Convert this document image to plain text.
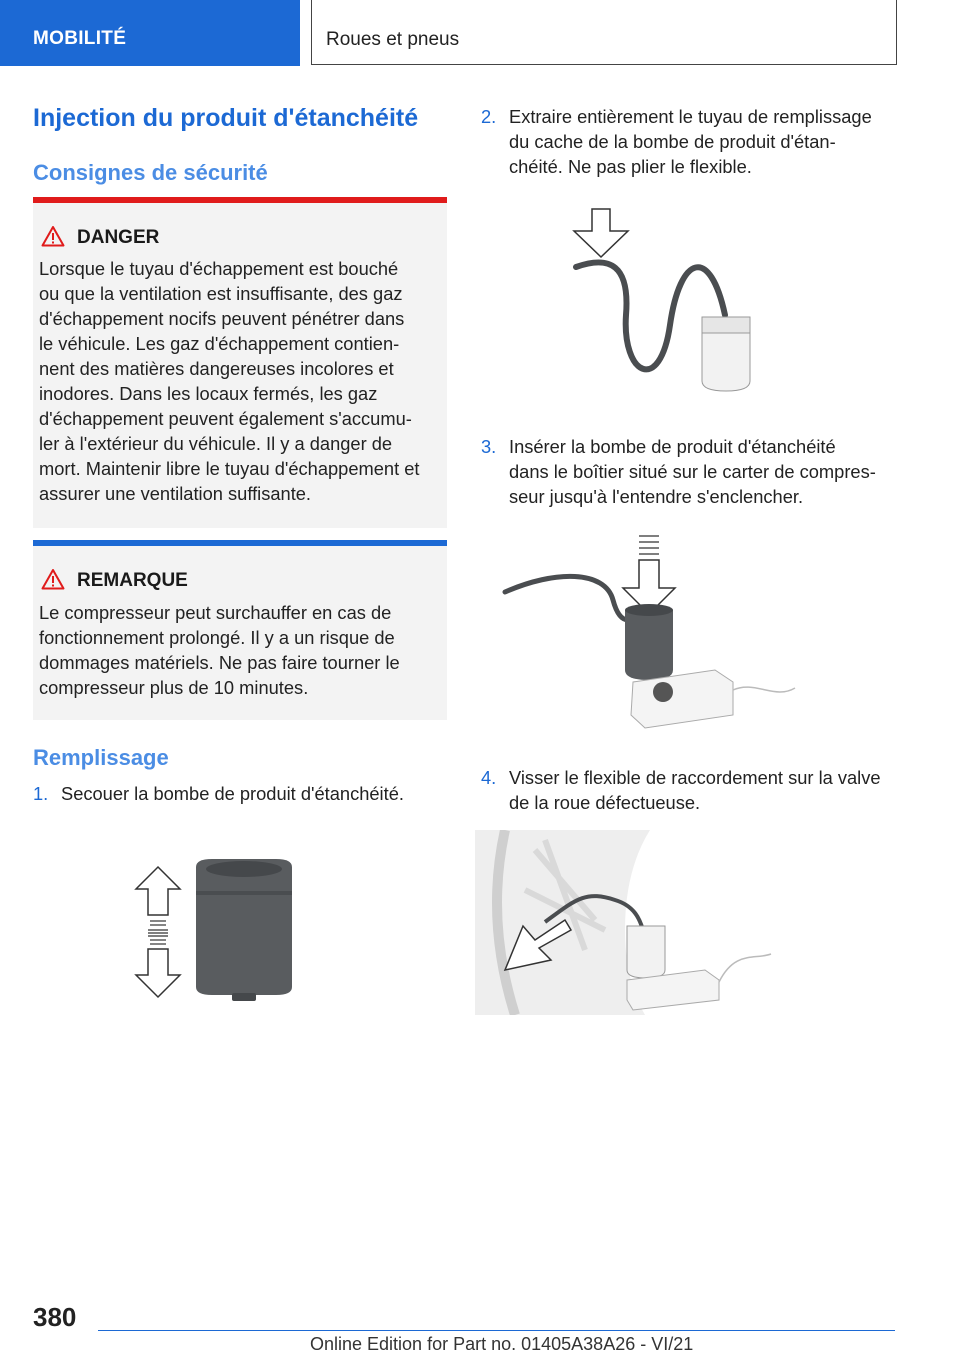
MOBILITÉ	Roues et pneus
Injection du produit d'étanchéité
Consignes de sécurité
DANGER

Lorsque le tuyau d'échappement est bouché
ou que la ventilation est insuffisante, des gaz
d'échappement nocifs peuvent pénétrer dans
le véhicule. Les gaz d'échappement contien‐
nent des matières dangereuses incolores et
inodores. Dans les locaux fermés, les gaz
d'échappement peuvent également s'accumu‐
ler à l'extérieur du véhicule. Il y a danger de
mort. Maintenir libre le tuyau d'échappement et
assurer une ventilation suffisante.

REMARQUE

Le compresseur peut surchauffer en cas de
fonctionnement prolongé. Il y a un risque de
dommages matériels. Ne pas faire tourner le
compresseur plus de 10 minutes.

Remplissage
1. Secouer la bombe de produit d'étanchéité.
2. Extraire entièrement le tuyau de remplissage
du cache de la bombe de produit d'étan‐
chéité. Ne pas plier le flexible.
3. Insérer la bombe de produit d'étanchéité
dans le boîtier situé sur le carter de compres‐
seur jusqu'à l'entendre s'enclencher.
4. Visser le flexible de raccordement sur la valve
de la roue défectueuse.
380
Online Edition for Part no. 01405A38A26 - VI/21
